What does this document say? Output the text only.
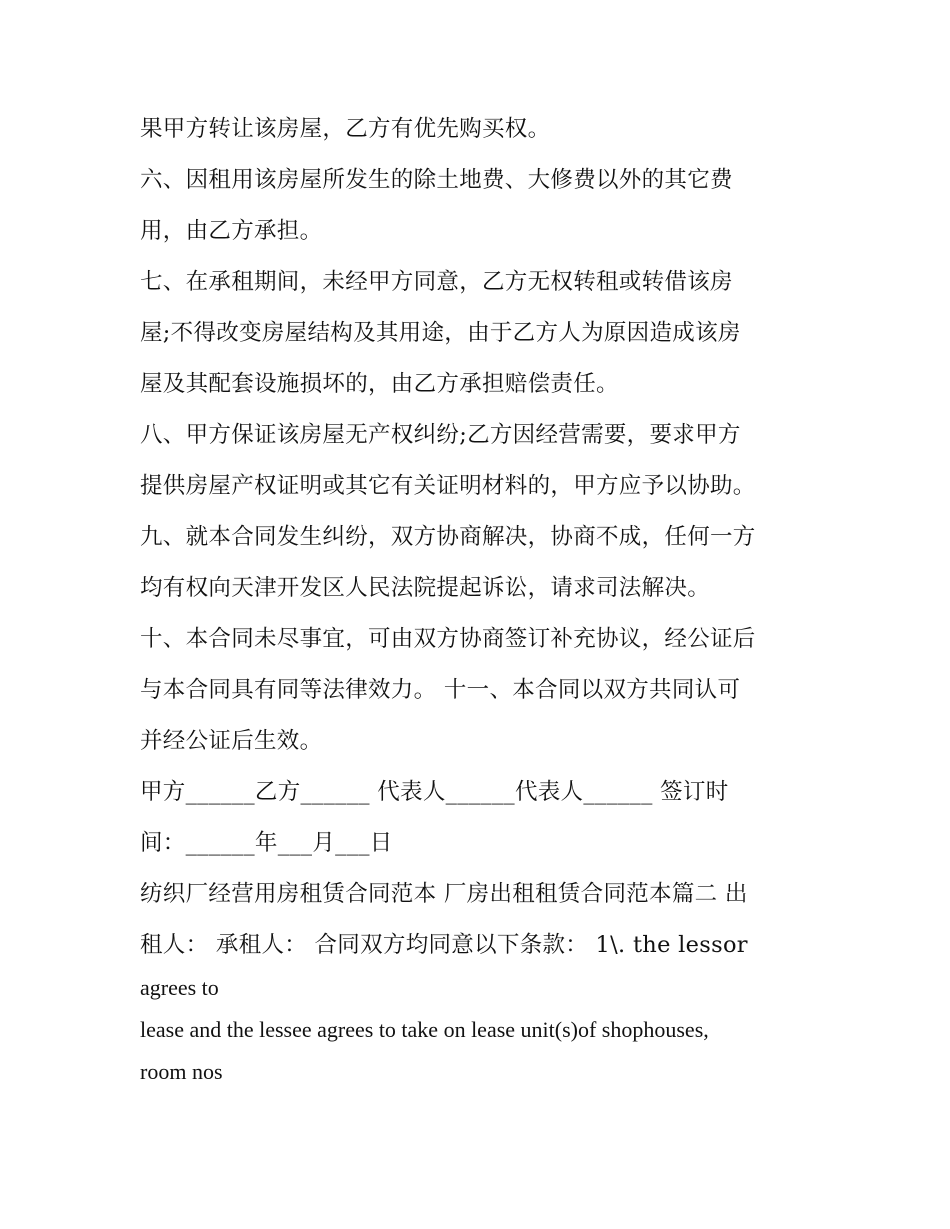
果甲方转让该房屋，乙方有优先购买权。

六、因租用该房屋所发生的除土地费、大修费以外的其它费

用，由乙方承担。

七、在承租期间，未经甲方同意，乙方无权转租或转借该房

屋;不得改变房屋结构及其用途，由于乙方人为原因造成该房

屋及其配套设施损坏的，由乙方承担赔偿责任。

八、甲方保证该房屋无产权纠纷;乙方因经营需要，要求甲方

提供房屋产权证明或其它有关证明材料的，甲方应予以协助。

九、就本合同发生纠纷，双方协商解决，协商不成，任何一方

均有权向天津开发区人民法院提起诉讼，请求司法解决。

十、本合同未尽事宜，可由双方协商签订补充协议，经公证后

与本合同具有同等法律效力。 十一、本合同以双方共同认可

并经公证后生效。

甲方______乙方______ 代表人______代表人______ 签订时

间：______年___月___日

纺织厂经营用房租赁合同范本 厂房出租租赁合同范本篇二 出

租人： 承租人： 合同双方均同意以下条款： 1\. the lessor

agrees to

lease and the lessee agrees to take on lease unit(s)of shophouses,

room nos
